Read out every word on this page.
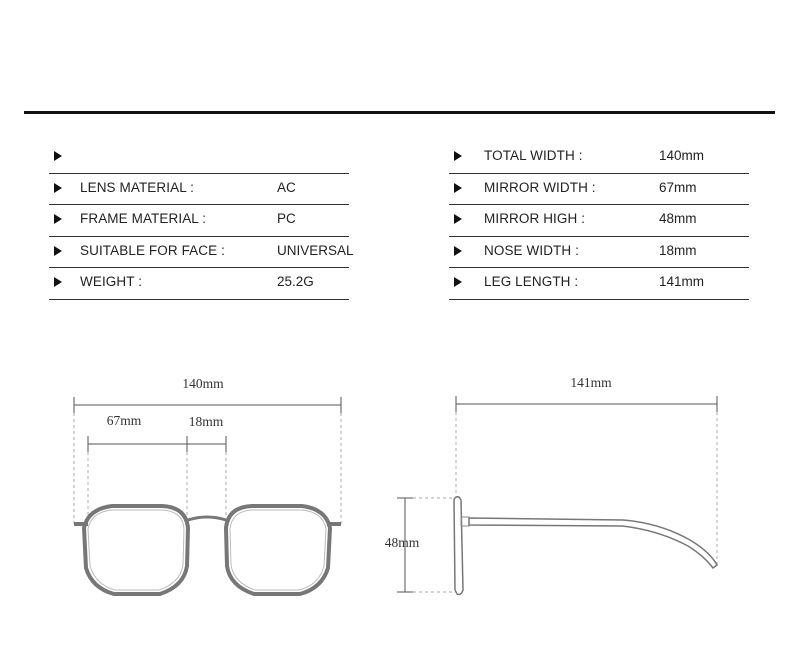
LENS MATERIAL :	AC
FRAME MATERIAL :	PC
SUITABLE FOR FACE :	UNIVERSAL
WEIGHT :	25.2G
TOTAL WIDTH :	140mm
MIRROR WIDTH :	67mm
MIRROR HIGH :	48mm
NOSE WIDTH :	18mm
LEG LENGTH :	141mm
140mm
67mm	18mm
141mm
48mm
